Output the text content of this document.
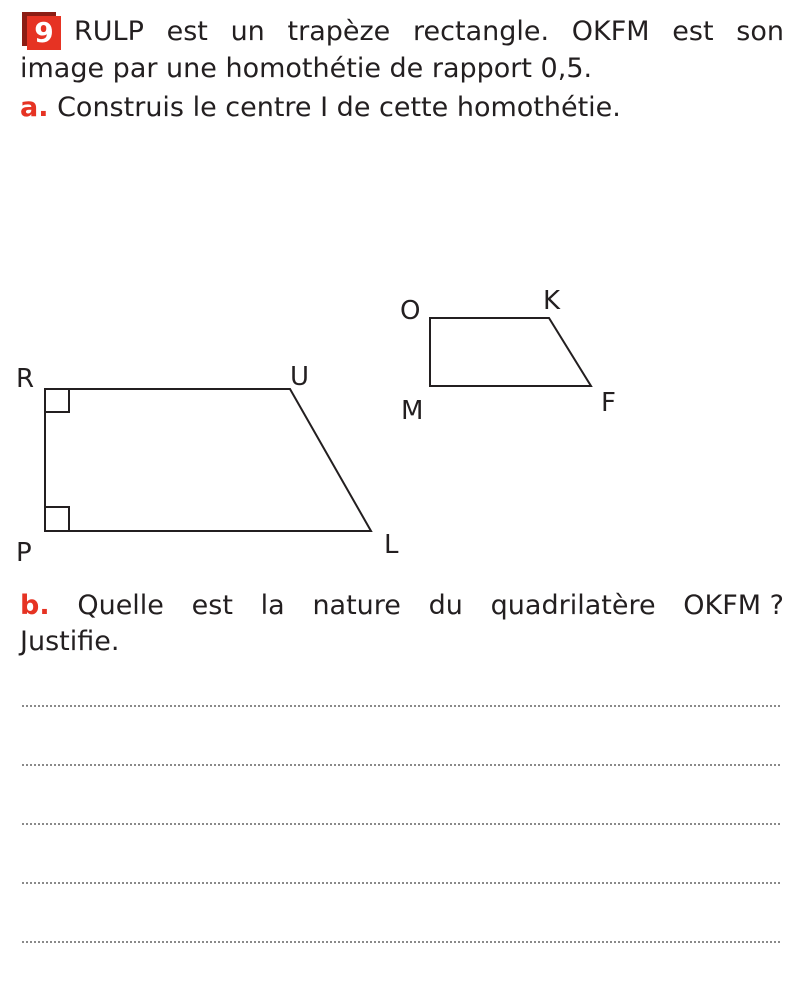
9 RULP est un trapèze rectangle. OKFM est son
image par une homothétie de rapport 0,5.
a. Construis le centre I de cette homothétie.
R	U
L
P
O	K
F
M
b. Quelle est la nature du quadrilatère OKFM ?
Justifie.
